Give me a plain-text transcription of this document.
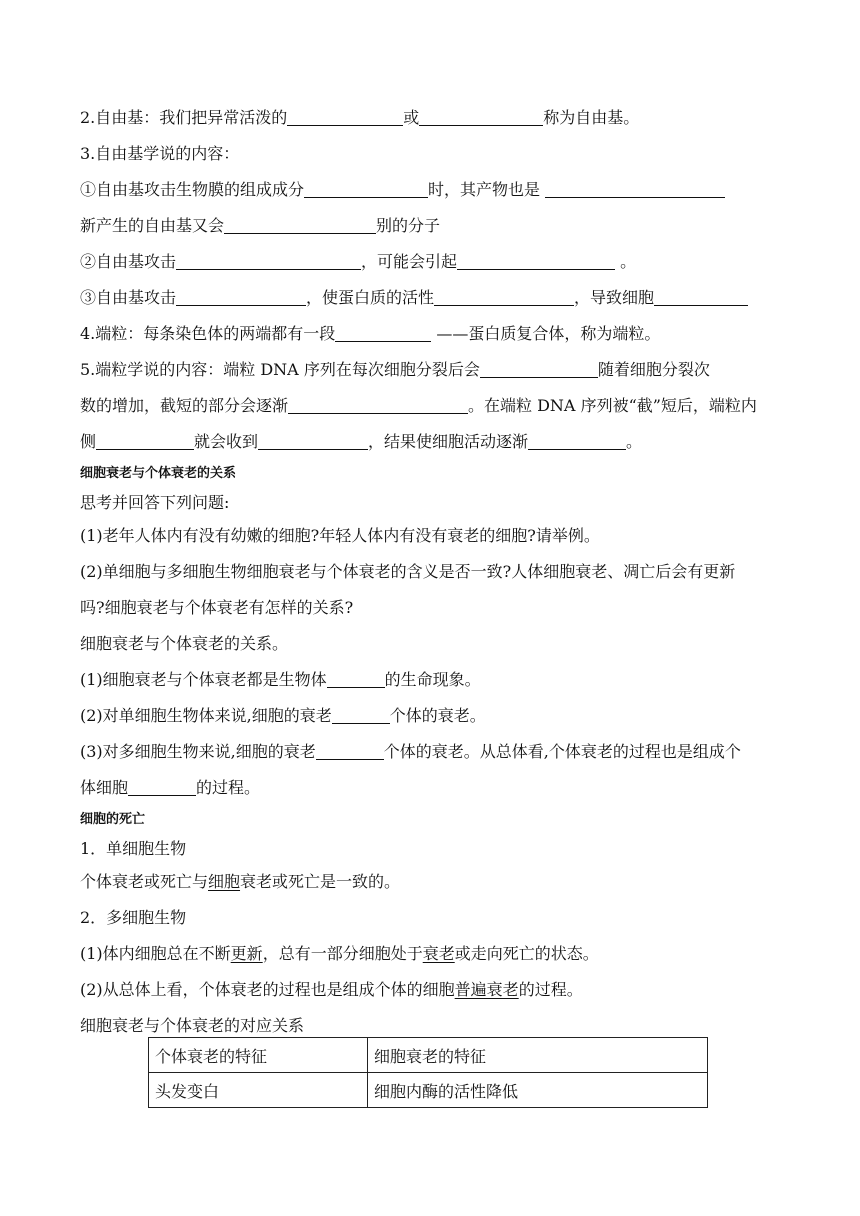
2.自由基：我们把异常活泼的	或	称为自由基。
3.自由基学说的内容：
①自由基攻击生物膜的组成成分	时，其产物也是
新产生的自由基又会	别的分子
②自由基攻击	，可能会引起	。
③自由基攻击	，使蛋白质的活性	，导致细胞
4.端粒：每条染色体的两端都有一段	——蛋白质复合体，称为端粒。
5.端粒学说的内容：端粒 DNA 序列在每次细胞分裂后会	随着细胞分裂次
数的增加，截短的部分会逐渐	。在端粒 DNA 序列被“截”短后，端粒内
侧	就会收到	，结果使细胞活动逐渐	。
细胞衰老与个体衰老的关系
思考并回答下列问题:
(1)老年人体内有没有幼嫩的细胞?年轻人体内有没有衰老的细胞?请举例。
(2)单细胞与多细胞生物细胞衰老与个体衰老的含义是否一致?人体细胞衰老、凋亡后会有更新
吗?细胞衰老与个体衰老有怎样的关系?
细胞衰老与个体衰老的关系。
(1)细胞衰老与个体衰老都是生物体	的生命现象。
(2)对单细胞生物体来说,细胞的衰老	个体的衰老。
(3)对多细胞生物来说,细胞的衰老	个体的衰老。从总体看,个体衰老的过程也是组成个
体细胞	的过程。
细胞的死亡
1．单细胞生物
个体衰老或死亡与细胞衰老或死亡是一致的。
2．多细胞生物
(1)体内细胞总在不断更新，总有一部分细胞处于衰老或走向死亡的状态。
(2)从总体上看，个体衰老的过程也是组成个体的细胞普遍衰老的过程。
细胞衰老与个体衰老的对应关系
个体衰老的特征	细胞衰老的特征
头发变白	细胞内酶的活性降低
